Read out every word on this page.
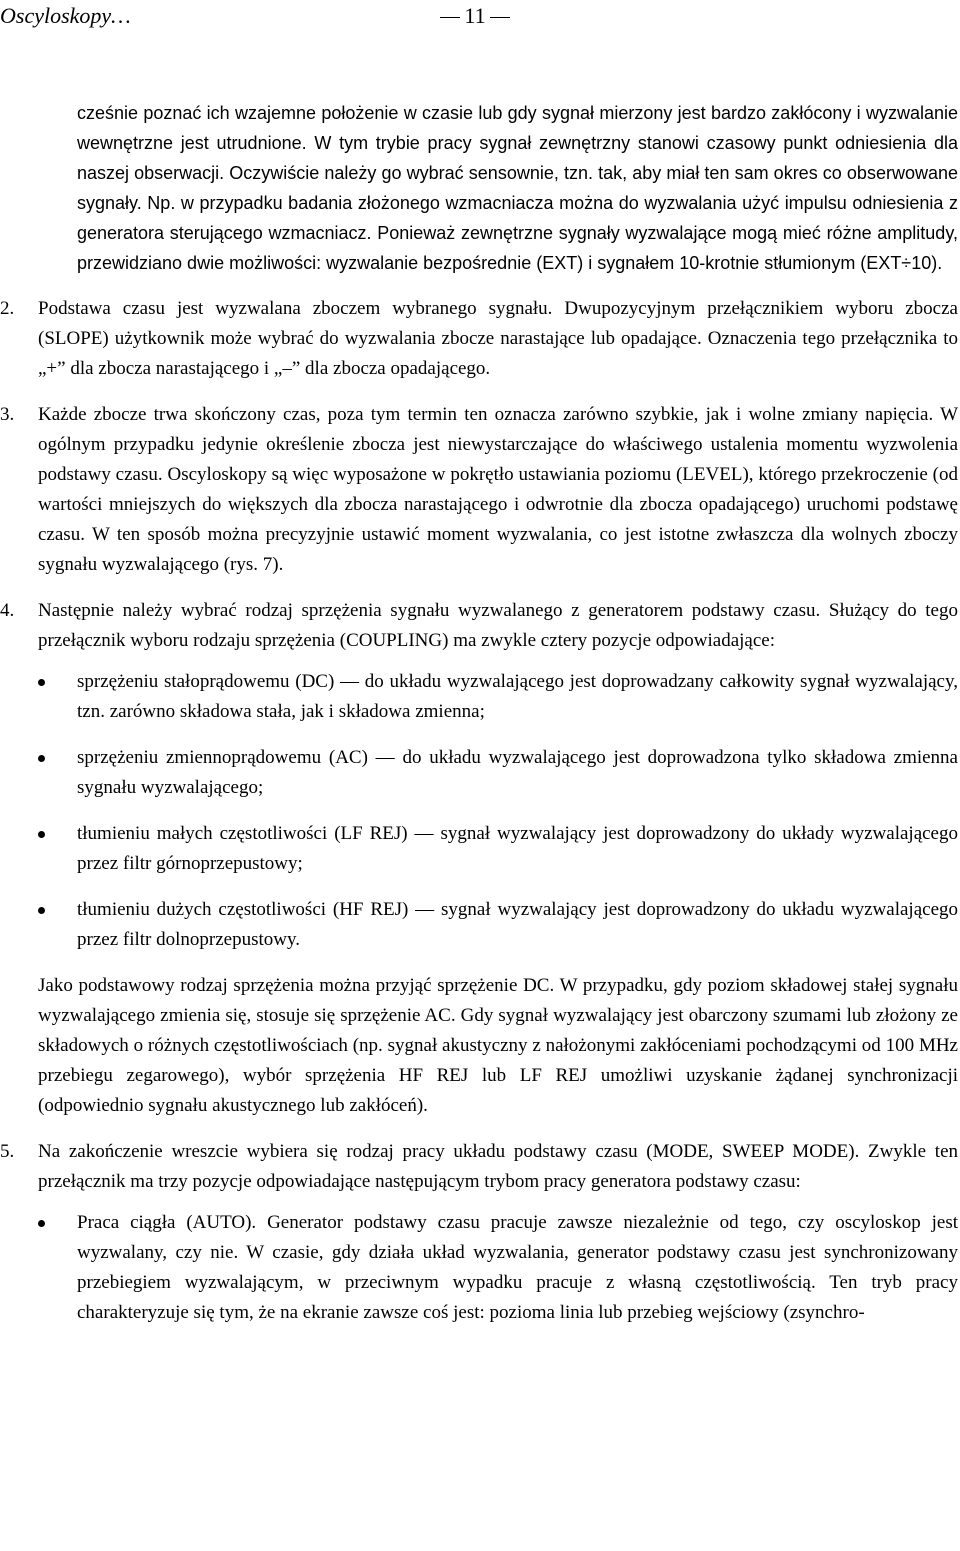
Oscyloskopy…	11

cześnie poznać ich wzajemne położenie w czasie lub gdy sygnał mierzony jest bardzo zakłócony i wyzwalanie wewnętrzne jest utrudnione. W tym trybie pracy sygnał zewnętrzny stanowi czasowy punkt odniesienia dla naszej obserwacji. Oczywiście należy go wybrać sensownie, tzn. tak, aby miał ten sam okres co obserwowane sygnały. Np. w przypadku badania złożonego wzmacniacza można do wyzwalania użyć impulsu odniesienia z generatora sterującego wzmacniacz. Ponieważ zewnętrzne sygnały wyzwalające mogą mieć różne amplitudy, przewidziano dwie możliwości: wyzwalanie bezpośrednie (EXT) i sygnałem 10-krotnie stłumionym (EXT÷10).

2. Podstawa czasu jest wyzwalana zboczem wybranego sygnału. Dwupozycyjnym przełącznikiem wyboru zbocza (SLOPE) użytkownik może wybrać do wyzwalania zbocze narastające lub opadające. Oznaczenia tego przełącznika to „+” dla zbocza narastającego i „–” dla zbocza opadającego.
3. Każde zbocze trwa skończony czas, poza tym termin ten oznacza zarówno szybkie, jak i wolne zmiany napięcia. W ogólnym przypadku jedynie określenie zbocza jest niewystarczające do właściwego ustalenia momentu wyzwolenia podstawy czasu. Oscyloskopy są więc wyposażone w pokrętło ustawiania poziomu (LEVEL), którego przekroczenie (od wartości mniejszych do większych dla zbocza narastającego i odwrotnie dla zbocza opadającego) uruchomi podstawę czasu. W ten sposób można precyzyjnie ustawić moment wyzwalania, co jest istotne zwłaszcza dla wolnych zboczy sygnału wyzwalającego (rys. 7).
4. Następnie należy wybrać rodzaj sprzężenia sygnału wyzwalanego z generatorem podstawy czasu. Służący do tego przełącznik wyboru rodzaju sprzężenia (COUPLING) ma zwykle cztery pozycje odpowiadające:
sprzężeniu stałoprądowemu (DC) — do układu wyzwalającego jest doprowadzany całkowity sygnał wyzwalający, tzn. zarówno składowa stała, jak i składowa zmienna;
sprzężeniu zmiennoprądowemu (AC) — do układu wyzwalającego jest doprowadzona tylko składowa zmienna sygnału wyzwalającego;
tłumieniu małych częstotliwości (LF REJ) — sygnał wyzwalający jest doprowadzony do układy wyzwalającego przez filtr górnoprzepustowy;
tłumieniu dużych częstotliwości (HF REJ) — sygnał wyzwalający jest doprowadzony do układu wyzwalającego przez filtr dolnoprzepustowy.

Jako podstawowy rodzaj sprzężenia można przyjąć sprzężenie DC. W przypadku, gdy poziom składowej stałej sygnału wyzwalającego zmienia się, stosuje się sprzężenie AC. Gdy sygnał wyzwalający jest obarczony szumami lub złożony ze składowych o różnych częstotliwościach (np. sygnał akustyczny z nałożonymi zakłóceniami pochodzącymi od 100 MHz przebiegu zegarowego), wybór sprzężenia HF REJ lub LF REJ umożliwi uzyskanie żądanej synchronizacji (odpowiednio sygnału akustycznego lub zakłóceń).

5. Na zakończenie wreszcie wybiera się rodzaj pracy układu podstawy czasu (MODE, SWEEP MODE). Zwykle ten przełącznik ma trzy pozycje odpowiadające następującym trybom pracy generatora podstawy czasu:
Praca ciągła (AUTO). Generator podstawy czasu pracuje zawsze niezależnie od tego, czy oscyloskop jest wyzwalany, czy nie. W czasie, gdy działa układ wyzwalania, generator podstawy czasu jest synchronizowany przebiegiem wyzwalającym, w przeciwnym wypadku pracuje z własną częstotliwością. Ten tryb pracy charakteryzuje się tym, że na ekranie zawsze coś jest: pozioma linia lub przebieg wejściowy (zsynchro-
